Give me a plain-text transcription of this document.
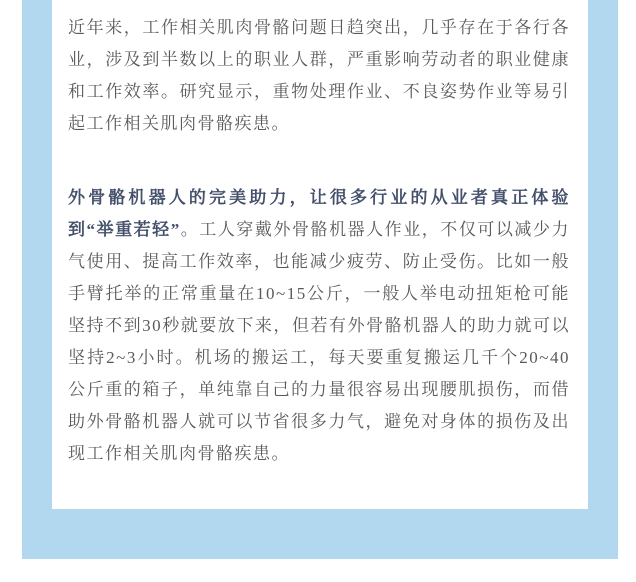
近年来，工作相关肌肉骨骼问题日趋突出，几乎存在于各行各业，涉及到半数以上的职业人群，严重影响劳动者的职业健康和工作效率。研究显示，重物处理作业、不良姿势作业等易引起工作相关肌肉骨骼疾患。

外骨骼机器人的完美助力，让很多行业的从业者真正体验到“举重若轻”。工人穿戴外骨骼机器人作业，不仅可以减少力气使用、提高工作效率，也能减少疲劳、防止受伤。比如一般手臂托举的正常重量在10~15公斤，一般人举电动扭矩枪可能坚持不到30秒就要放下来，但若有外骨骼机器人的助力就可以坚持2~3小时。机场的搬运工，每天要重复搬运几千个20~40公斤重的箱子，单纯靠自己的力量很容易出现腰肌损伤，而借助外骨骼机器人就可以节省很多力气，避免对身体的损伤及出现工作相关肌肉骨骼疾患。
